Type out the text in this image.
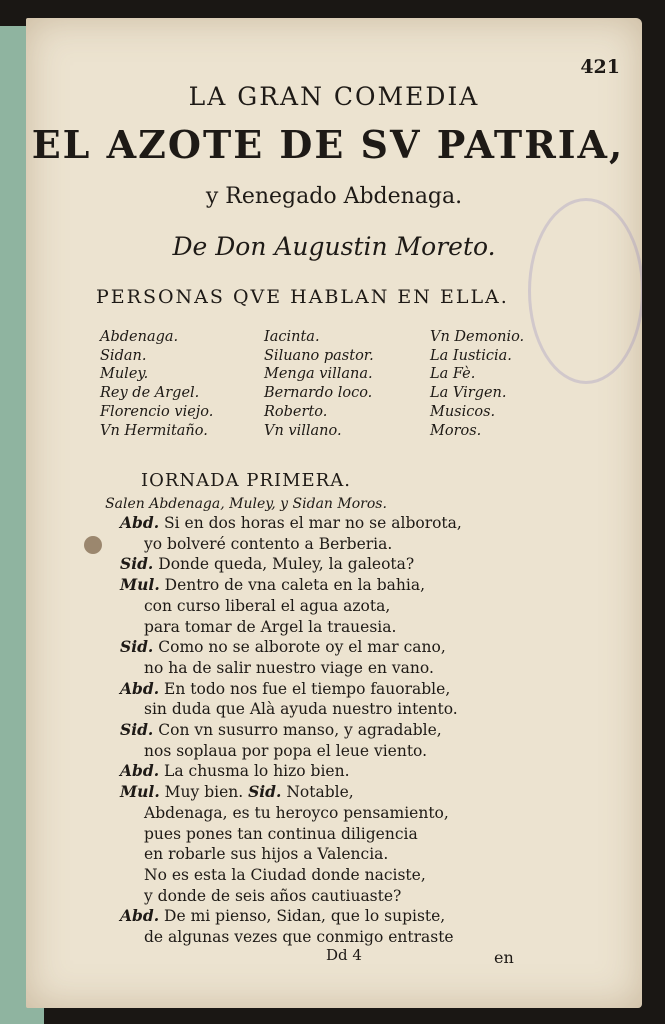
421
LA GRAN COMEDIA
EL AZOTE DE SV PATRIA,
y Renegado Abdenaga.
De Don Augustin Moreto.
PERSONAS QVE HABLAN EN ELLA.
Abdenaga.
Sidan.
Muley.
Rey de Argel.
Florencio viejo.
Vn Hermitaño.
Iacinta.
Siluano pastor.
Menga villana.
Bernardo loco.
Roberto.
Vn villano.
Vn Demonio.
La Iusticia.
La Fè.
La Virgen.
Musicos.
Moros.
IORNADA PRIMERA.
Salen Abdenaga, Muley, y Sidan Moros.
Abd. Si en dos horas el mar no se alborota,
yo bolveré contento a Berberia.
Sid. Donde queda, Muley, la galeota?
Mul. Dentro de vna caleta en la bahia,
con curso liberal el agua azota,
para tomar de Argel la trauesia.
Sid. Como no se alborote oy el mar cano,
no ha de salir nuestro viage en vano.
Abd. En todo nos fue el tiempo fauorable,
sin duda que Alà ayuda nuestro intento.
Sid. Con vn susurro manso, y agradable,
nos soplaua por popa el leue viento.
Abd. La chusma lo hizo bien.
Mul. Muy bien. Sid. Notable,
Abdenaga, es tu heroyco pensamiento,
pues pones tan continua diligencia
en robarle sus hijos a Valencia.
No es esta la Ciudad donde naciste,
y donde de seis años cautiuaste?
Abd. De mi pienso, Sidan, que lo supiste,
de algunas vezes que conmigo entraste
Dd 4	en
